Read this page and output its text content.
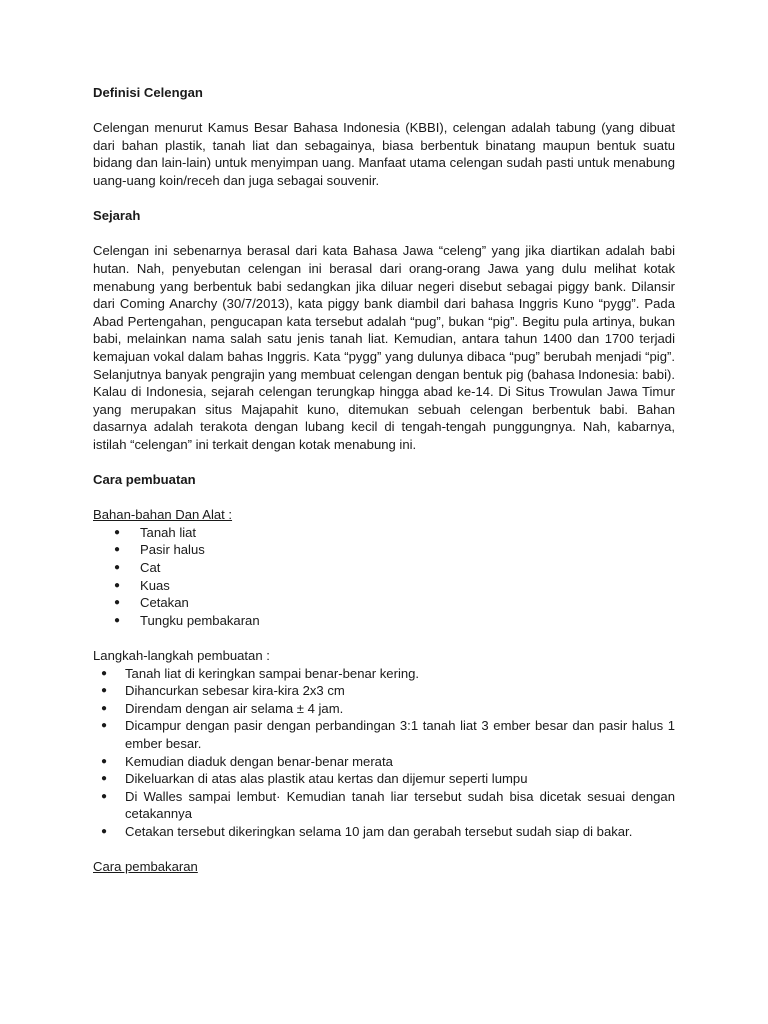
Definisi Celengan

Celengan menurut Kamus Besar Bahasa Indonesia (KBBI), celengan adalah tabung (yang dibuat dari bahan plastik, tanah liat dan sebagainya, biasa berbentuk binatang maupun bentuk suatu bidang dan lain-lain) untuk menyimpan uang. Manfaat utama celengan sudah pasti untuk menabung uang-uang koin/receh dan juga sebagai souvenir.

Sejarah

Celengan ini sebenarnya berasal dari kata Bahasa Jawa “celeng” yang jika diartikan adalah babi hutan. Nah, penyebutan celengan ini berasal dari orang-orang Jawa yang dulu melihat kotak menabung yang berbentuk babi sedangkan jika diluar negeri disebut sebagai piggy bank. Dilansir dari Coming Anarchy (30/7/2013), kata piggy bank diambil dari bahasa Inggris Kuno “pygg”. Pada Abad Pertengahan, pengucapan kata tersebut adalah “pug”, bukan “pig”. Begitu pula artinya, bukan babi, melainkan nama salah satu jenis tanah liat. Kemudian, antara tahun 1400 dan 1700 terjadi kemajuan vokal dalam bahas Inggris. Kata “pygg” yang dulunya dibaca “pug” berubah menjadi “pig”. Selanjutnya banyak pengrajin yang membuat celengan dengan bentuk pig (bahasa Indonesia: babi). Kalau di Indonesia, sejarah celengan terungkap hingga abad ke-14. Di Situs Trowulan Jawa Timur yang merupakan situs Majapahit kuno, ditemukan sebuah celengan berbentuk babi. Bahan dasarnya adalah terakota dengan lubang kecil di tengah-tengah punggungnya. Nah, kabarnya, istilah “celengan” ini terkait dengan kotak menabung ini.

Cara pembuatan

Bahan-bahan Dan Alat :

● Tanah liat
● Pasir halus
● Cat
● Kuas
● Cetakan
● Tungku pembakaran

Langkah-langkah pembuatan :

● Tanah liat di keringkan sampai benar-benar kering.
● Dihancurkan sebesar kira-kira 2x3 cm
● Direndam dengan air selama ± 4 jam.
● Dicampur dengan pasir dengan perbandingan 3:1 tanah liat 3 ember besar dan pasir halus 1 ember besar.
● Kemudian diaduk dengan benar-benar merata
● Dikeluarkan di atas alas plastik atau kertas dan dijemur seperti lumpu
● Di Walles sampai lembut· Kemudian tanah liar tersebut sudah bisa dicetak sesuai dengan cetakannya
● Cetakan tersebut dikeringkan selama 10 jam dan gerabah tersebut sudah siap di bakar.

Cara pembakaran
